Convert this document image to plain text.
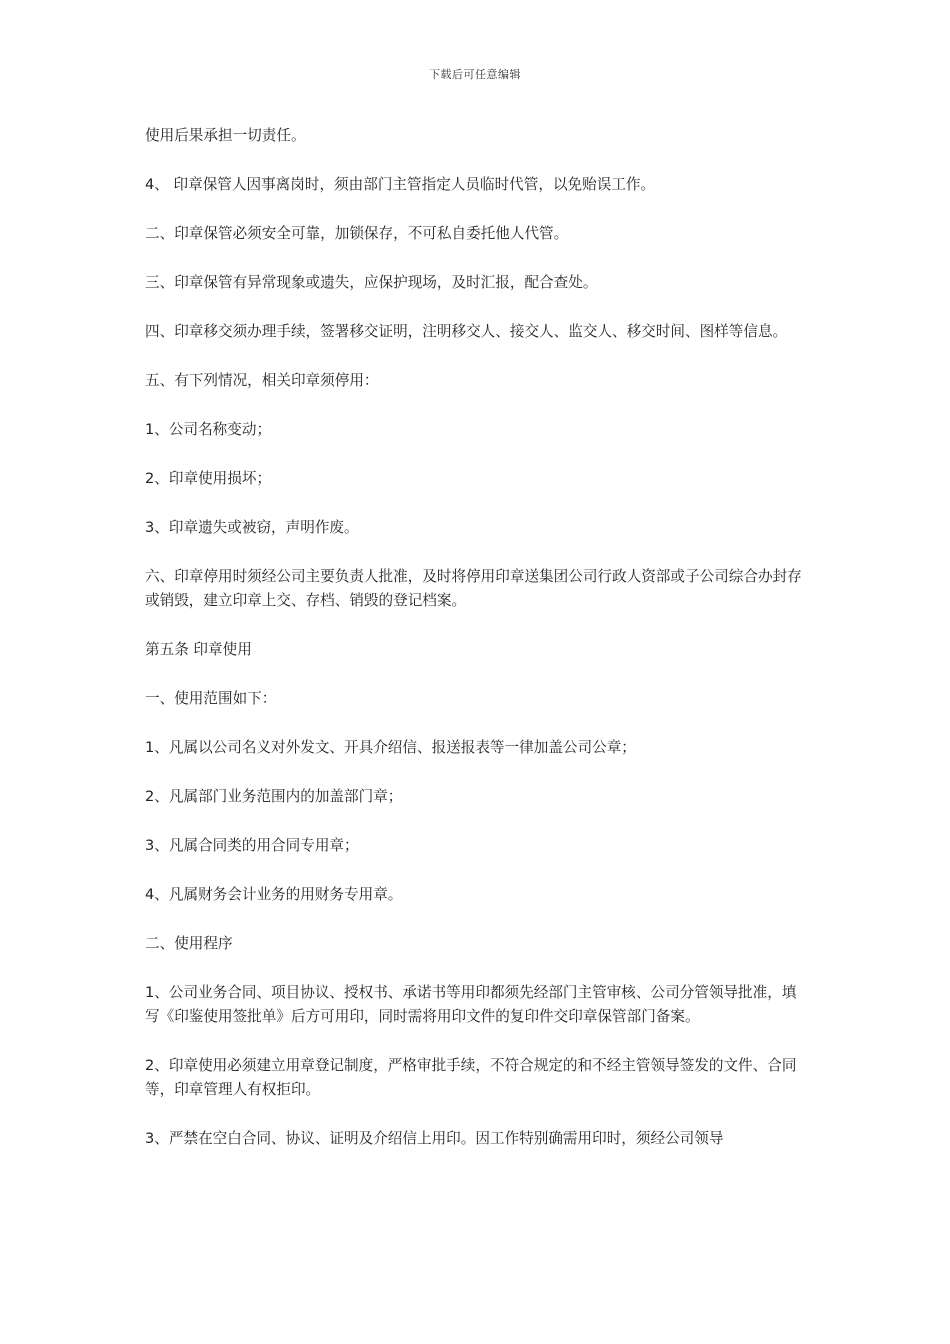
下载后可任意编辑

使用后果承担一切责任。

4、 印章保管人因事离岗时，须由部门主管指定人员临时代管，以免贻误工作。

二、印章保管必须安全可靠，加锁保存，不可私自委托他人代管。

三、印章保管有异常现象或遗失，应保护现场，及时汇报，配合查处。

四、印章移交须办理手续，签署移交证明，注明移交人、接交人、监交人、移交时间、图样等信息。

五、有下列情况，相关印章须停用：

1、公司名称变动；

2、印章使用损坏；

3、印章遗失或被窃，声明作废。

六、印章停用时须经公司主要负责人批准，及时将停用印章送集团公司行政人资部或子公司综合办封存或销毁，建立印章上交、存档、销毁的登记档案。

第五条 印章使用

一、使用范围如下：

1、凡属以公司名义对外发文、开具介绍信、报送报表等一律加盖公司公章；

2、凡属部门业务范围内的加盖部门章；

3、凡属合同类的用合同专用章；

4、凡属财务会计业务的用财务专用章。

二、使用程序

1、公司业务合同、项目协议、授权书、承诺书等用印都须先经部门主管审核、公司分管领导批准，填写《印鉴使用签批单》后方可用印，同时需将用印文件的复印件交印章保管部门备案。

2、印章使用必须建立用章登记制度，严格审批手续，不符合规定的和不经主管领导签发的文件、合同等，印章管理人有权拒印。

3、严禁在空白合同、协议、证明及介绍信上用印。因工作特别确需用印时，须经公司领导
